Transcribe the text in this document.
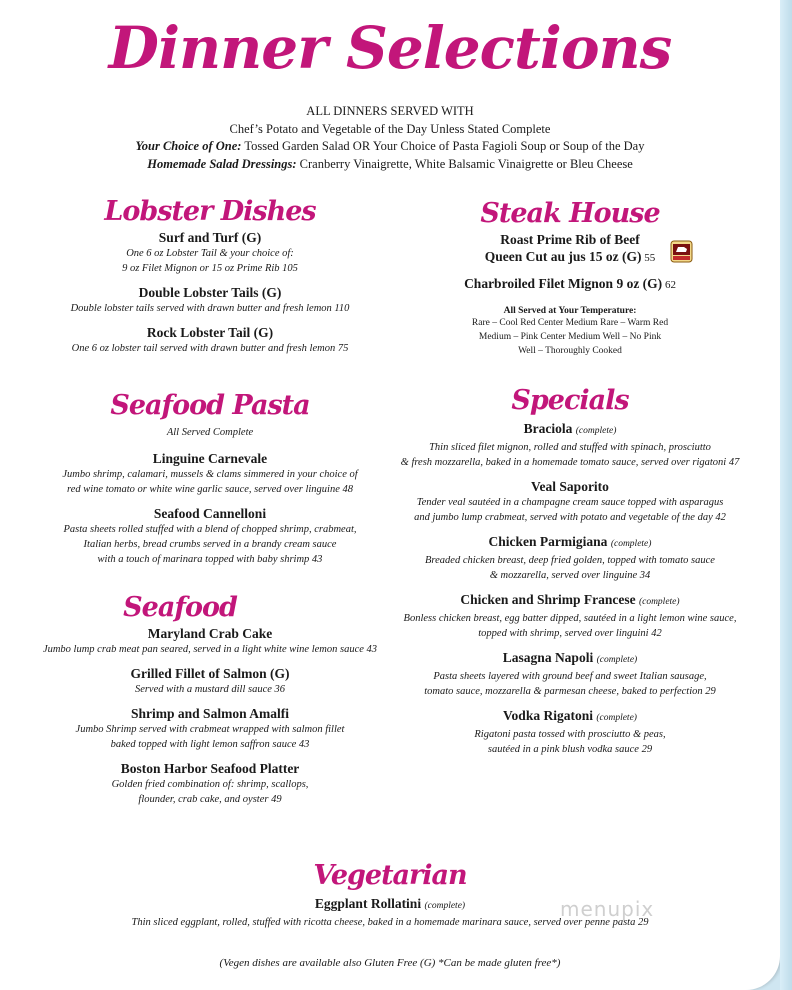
Dinner Selections
ALL DINNERS SERVED WITH
Chef’s Potato and Vegetable of the Day Unless Stated Complete
Your Choice of One: Tossed Garden Salad OR Your Choice of Pasta Fagioli Soup or Soup of the Day
Homemade Salad Dressings: Cranberry Vinaigrette, White Balsamic Vinaigrette or Bleu Cheese
Lobster Dishes
Surf and Turf (G)
One 6 oz Lobster Tail & your choice of:
9 oz Filet Mignon or 15 oz Prime Rib 105
Double Lobster Tails (G)
Double lobster tails served with drawn butter and fresh lemon 110
Rock Lobster Tail (G)
One 6 oz lobster tail served with drawn butter and fresh lemon 75
Seafood Pasta
All Served Complete
Linguine Carnevale
Jumbo shrimp, calamari, mussels & clams simmered in your choice of
red wine tomato or white wine garlic sauce, served over linguine 48
Seafood Cannelloni
Pasta sheets rolled stuffed with a blend of chopped shrimp, crabmeat,
Italian herbs, bread crumbs served in a brandy cream sauce
with a touch of marinara topped with baby shrimp 43
Seafood
Maryland Crab Cake
Jumbo lump crab meat pan seared, served in a light white wine lemon sauce 43
Grilled Fillet of Salmon (G)
Served with a mustard dill sauce 36
Shrimp and Salmon Amalfi
Jumbo Shrimp served with crabmeat wrapped with salmon fillet
baked topped with light lemon saffron sauce 43
Boston Harbor Seafood Platter
Golden fried combination of: shrimp, scallops,
flounder, crab cake, and oyster 49
Steak House
Roast Prime Rib of Beef
Queen Cut au jus 15 oz (G) 55
Charbroiled Filet Mignon 9 oz (G) 62
All Served at Your Temperature:
Rare – Cool Red Center Medium Rare – Warm Red
Medium – Pink Center Medium Well – No Pink
Well – Thoroughly Cooked
Specials
Braciola (complete)
Thin sliced filet mignon, rolled and stuffed with spinach, prosciutto
& fresh mozzarella, baked in a homemade tomato sauce, served over rigatoni 47
Veal Saporito
Tender veal sautéed in a champagne cream sauce topped with asparagus
and jumbo lump crabmeat, served with potato and vegetable of the day 42
Chicken Parmigiana (complete)
Breaded chicken breast, deep fried golden, topped with tomato sauce
& mozzarella, served over linguine 34
Chicken and Shrimp Francese (complete)
Bonless chicken breast, egg batter dipped, sautéed in a light lemon wine sauce,
topped with shrimp, served over linguini 42
Lasagna Napoli (complete)
Pasta sheets layered with ground beef and sweet Italian sausage,
tomato sauce, mozzarella & parmesan cheese, baked to perfection 29
Vodka Rigatoni (complete)
Rigatoni pasta tossed with prosciutto & peas,
sautéed in a pink blush vodka sauce 29
Vegetarian
Eggplant Rollatini (complete)
Thin sliced eggplant, rolled, stuffed with ricotta cheese, baked in a homemade marinara sauce, served over penne pasta 29
(Vegen dishes are available also Gluten Free (G) *Can be made gluten free*)
menupix
